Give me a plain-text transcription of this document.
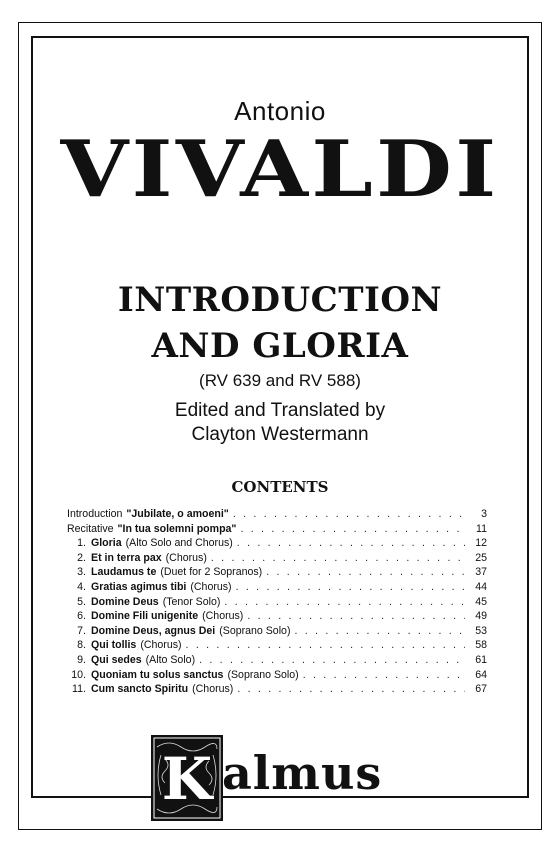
Antonio
VIVALDI
INTRODUCTION
AND GLORIA
(RV 639 and RV 588)
Edited and Translated by
Clayton Westermann
CONTENTS
Introduction "Jubilate, o amoeni" . . .	3
Recitative "In tua solemni pompa" . . .	11
1. Gloria (Alto Solo and Chorus) . . .	12
2. Et in terra pax (Chorus) . . .	25
3. Laudamus te (Duet for 2 Sopranos) . . .	37
4. Gratias agimus tibi (Chorus) . . .	44
5. Domine Deus (Tenor Solo) . . .	45
6. Domine Fili unigenite (Chorus) . . .	49
7. Domine Deus, agnus Dei (Soprano Solo) . . .	53
8. Qui tollis (Chorus) . . .	58
9. Qui sedes (Alto Solo) . . .	61
10. Quoniam tu solus sanctus (Soprano Solo) . . .	64
11. Cum sancto Spiritu (Chorus) . . .	67
K almus
